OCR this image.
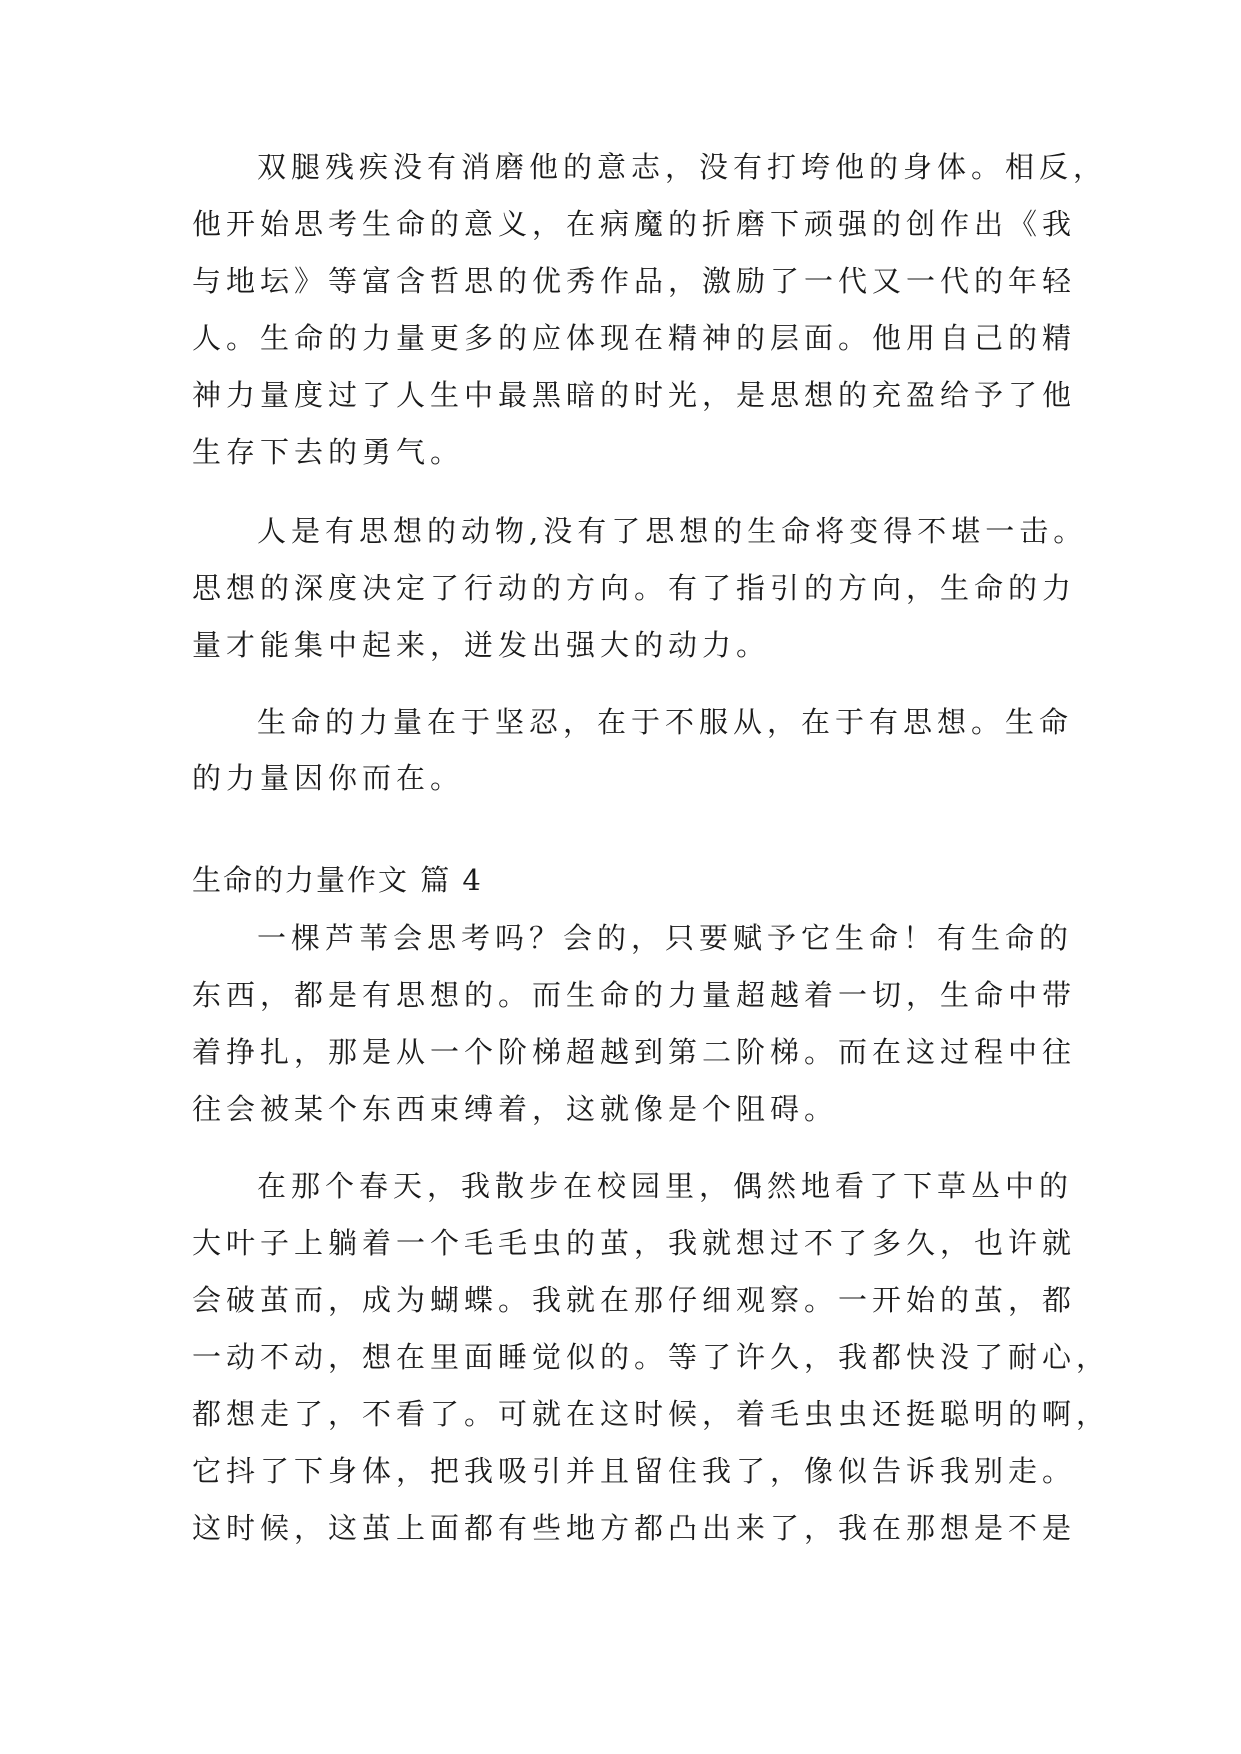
双腿残疾没有消磨他的意志，没有打垮他的身体。相反，
他开始思考生命的意义，在病魔的折磨下顽强的创作出《我
与地坛》等富含哲思的优秀作品，激励了一代又一代的年轻
人。生命的力量更多的应体现在精神的层面。他用自己的精
神力量度过了人生中最黑暗的时光，是思想的充盈给予了他
生存下去的勇气。
人是有思想的动物,没有了思想的生命将变得不堪一击。
思想的深度决定了行动的方向。有了指引的方向，生命的力
量才能集中起来，迸发出强大的动力。
生命的力量在于坚忍，在于不服从，在于有思想。生命
的力量因你而在。
生命的力量作文 篇 4
一棵芦苇会思考吗？会的，只要赋予它生命！有生命的
东西，都是有思想的。而生命的力量超越着一切，生命中带
着挣扎，那是从一个阶梯超越到第二阶梯。而在这过程中往
往会被某个东西束缚着，这就像是个阻碍。
在那个春天，我散步在校园里，偶然地看了下草丛中的
大叶子上躺着一个毛毛虫的茧，我就想过不了多久，也许就
会破茧而，成为蝴蝶。我就在那仔细观察。一开始的茧，都
一动不动，想在里面睡觉似的。等了许久，我都快没了耐心，
都想走了，不看了。可就在这时候，着毛虫虫还挺聪明的啊，
它抖了下身体，把我吸引并且留住我了，像似告诉我别走。
这时候，这茧上面都有些地方都凸出来了，我在那想是不是
